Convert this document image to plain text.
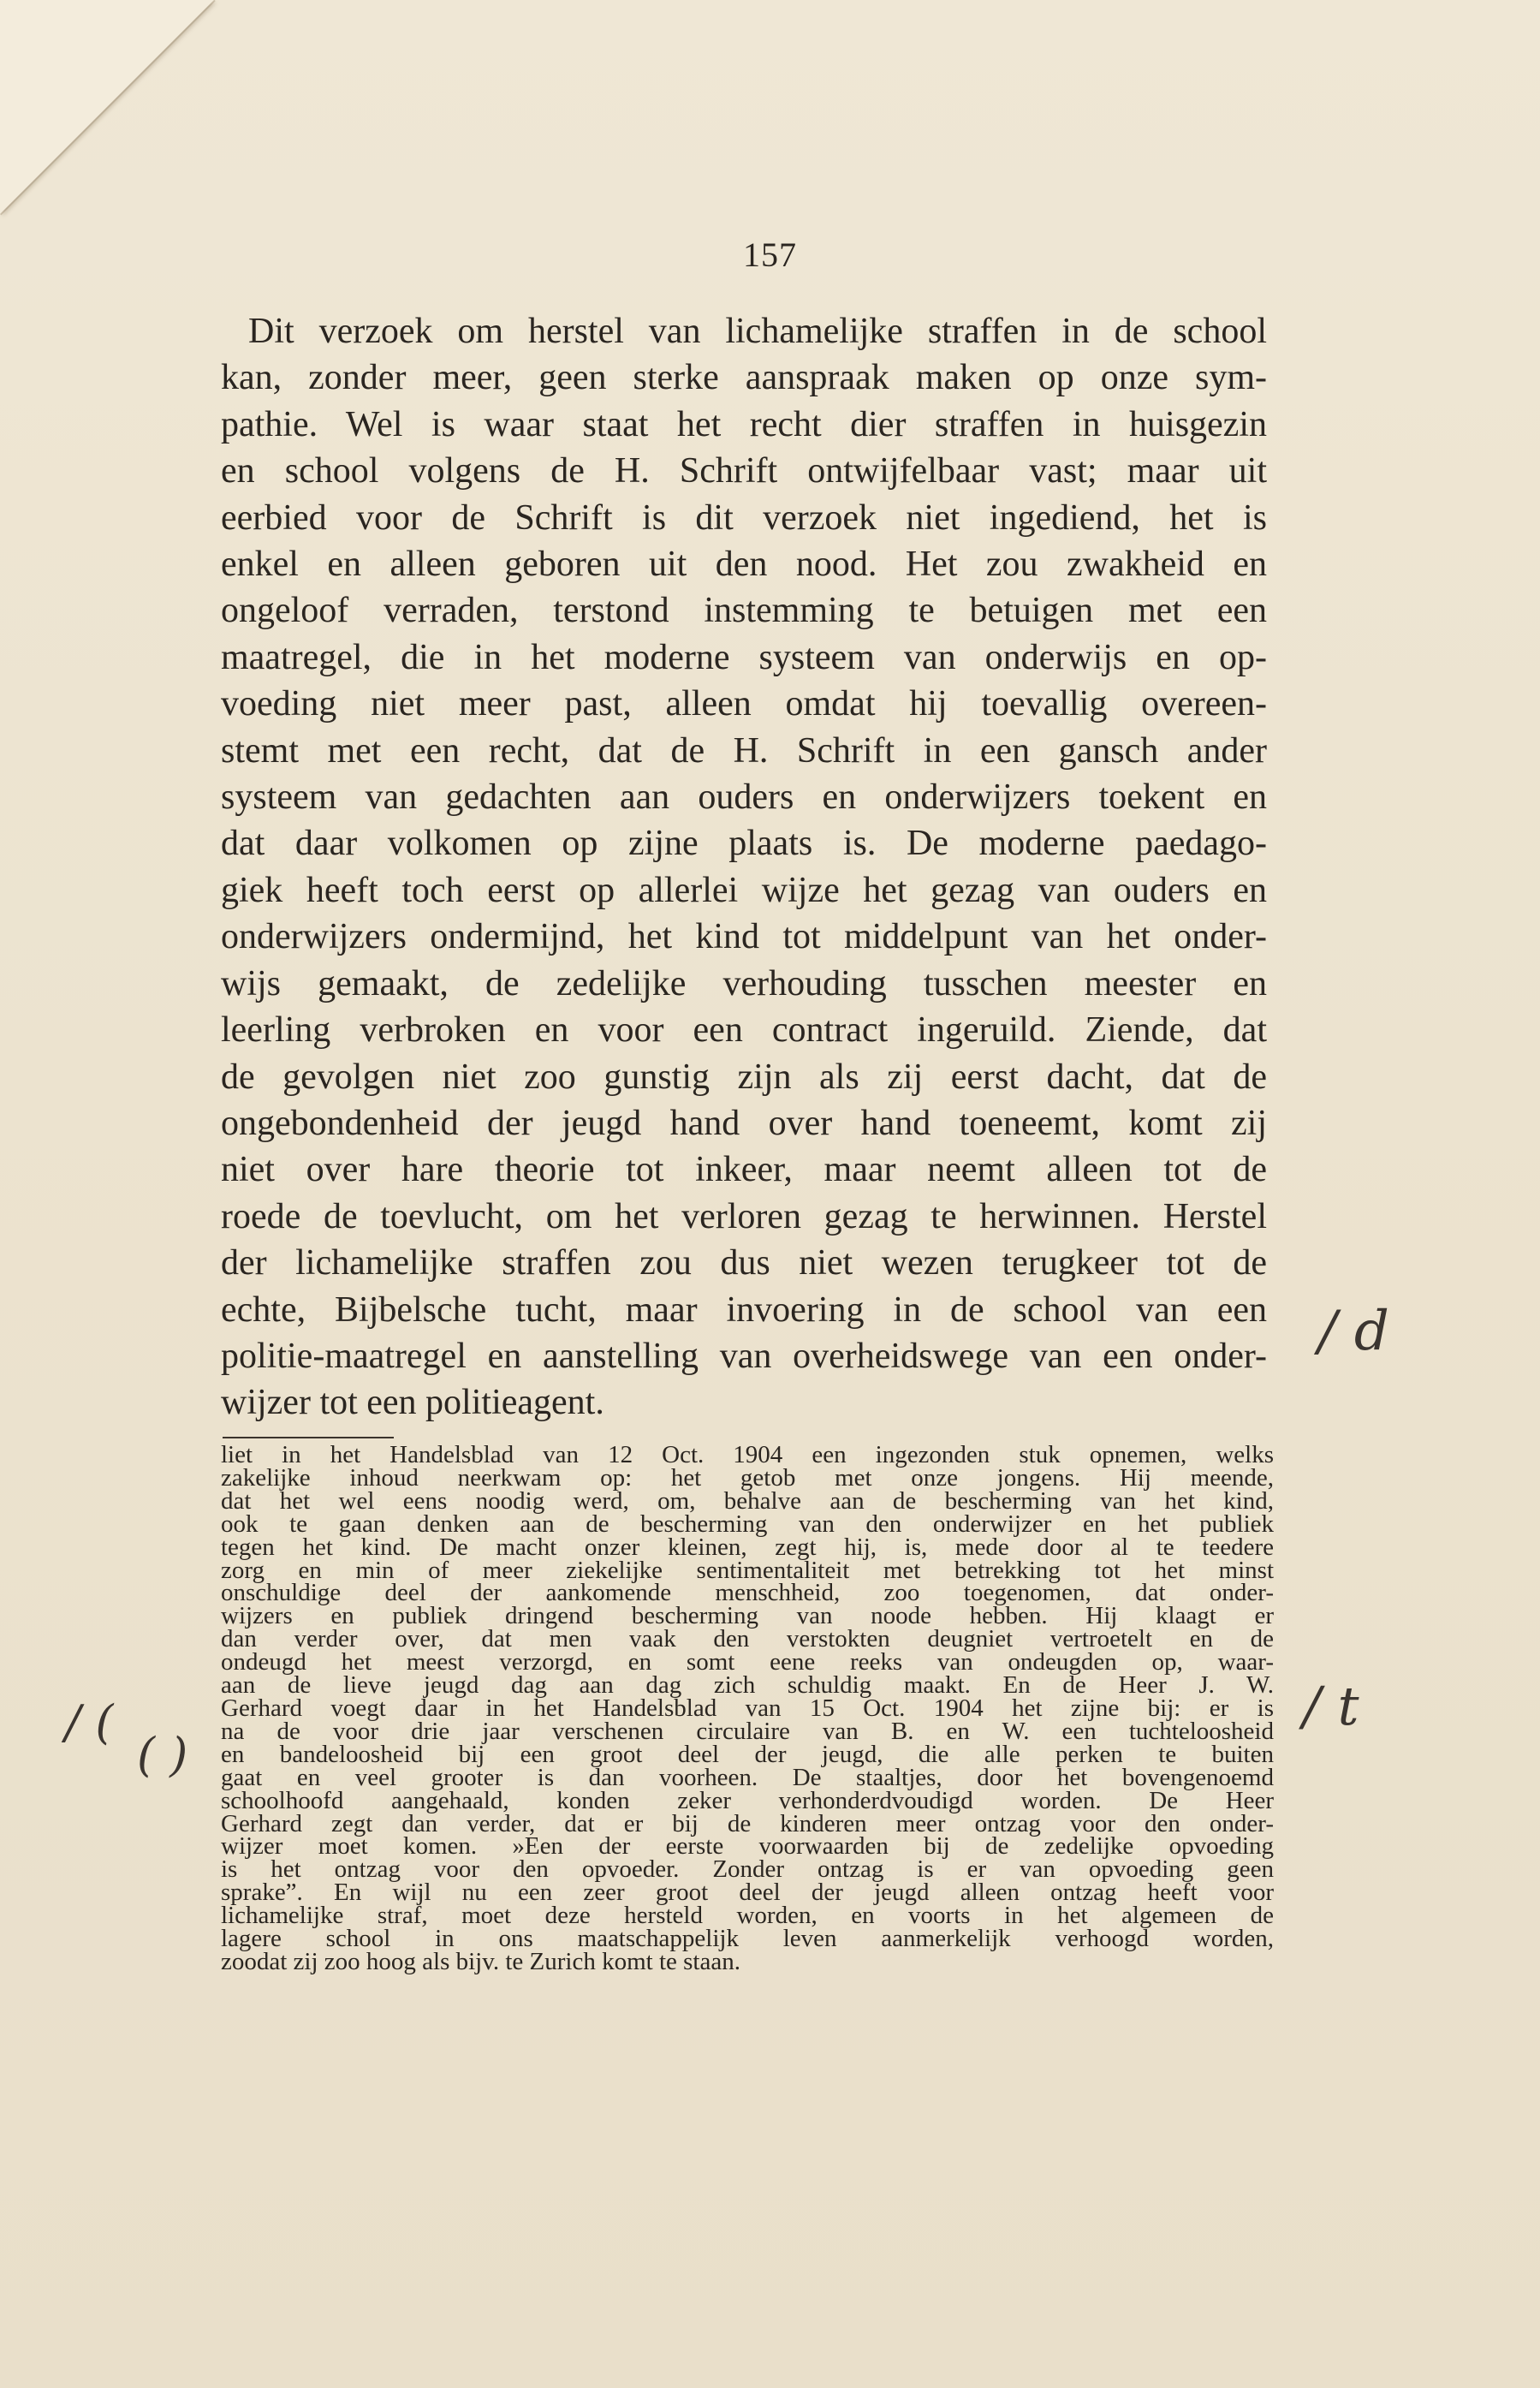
157
Dit verzoek om herstel van lichamelijke straffen in de school
kan, zonder meer, geen sterke aanspraak maken op onze sym-
pathie. Wel is waar staat het recht dier straffen in huisgezin
en school volgens de H. Schrift ontwijfelbaar vast; maar uit
eerbied voor de Schrift is dit verzoek niet ingediend, het is
enkel en alleen geboren uit den nood. Het zou zwakheid en
ongeloof verraden, terstond instemming te betuigen met een
maatregel, die in het moderne systeem van onderwijs en op-
voeding niet meer past, alleen omdat hij toevallig overeen-
stemt met een recht, dat de H. Schrift in een gansch ander
systeem van gedachten aan ouders en onderwijzers toekent en
dat daar volkomen op zijne plaats is. De moderne paedago-
giek heeft toch eerst op allerlei wijze het gezag van ouders en
onderwijzers ondermijnd, het kind tot middelpunt van het onder-
wijs gemaakt, de zedelijke verhouding tusschen meester en
leerling verbroken en voor een contract ingeruild. Ziende, dat
de gevolgen niet zoo gunstig zijn als zij eerst dacht, dat de
ongebondenheid der jeugd hand over hand toeneemt, komt zij
niet over hare theorie tot inkeer, maar neemt alleen tot de
roede de toevlucht, om het verloren gezag te herwinnen. Herstel
der lichamelijke straffen zou dus niet wezen terugkeer tot de
echte, Bijbelsche tucht, maar invoering in de school van een
politie-maatregel en aanstelling van overheidswege van een onder-
wijzer tot een politieagent.
liet in het Handelsblad van 12 Oct. 1904 een ingezonden stuk opnemen, welks
zakelijke inhoud neerkwam op: het getob met onze jongens. Hij meende,
dat het wel eens noodig werd, om, behalve aan de bescherming van het kind,
ook te gaan denken aan de bescherming van den onderwijzer en het publiek
tegen het kind. De macht onzer kleinen, zegt hij, is, mede door al te teedere
zorg en min of meer ziekelijke sentimentaliteit met betrekking tot het minst
onschuldige deel der aankomende menschheid, zoo toegenomen, dat onder-
wijzers en publiek dringend bescherming van noode hebben. Hij klaagt er
dan verder over, dat men vaak den verstokten deugniet vertroetelt en de
ondeugd het meest verzorgd, en somt eene reeks van ondeugden op, waar-
aan de lieve jeugd dag aan dag zich schuldig maakt. En de Heer J. W.
Gerhard voegt daar in het Handelsblad van 15 Oct. 1904 het zijne bij: er is
na de voor drie jaar verschenen circulaire van B. en W. een tuchteloosheid
en bandeloosheid bij een groot deel der jeugd, die alle perken te buiten
gaat en veel grooter is dan voorheen. De staaltjes, door het bovengenoemd
schoolhoofd aangehaald, konden zeker verhonderdvoudigd worden. De Heer
Gerhard zegt dan verder, dat er bij de kinderen meer ontzag voor den onder-
wijzer moet komen. »Een der eerste voorwaarden bij de zedelijke opvoeding
is het ontzag voor den opvoeder. Zonder ontzag is er van opvoeding geen
sprake”. En wijl nu een zeer groot deel der jeugd alleen ontzag heeft voor
lichamelijke straf, moet deze hersteld worden, en voorts in het algemeen de
lagere school in ons maatschappelijk leven aanmerkelijk verhoogd worden,
zoodat zij zoo hoog als bijv. te Zurich komt te staan.
/ d
/ t
/ (
( )
